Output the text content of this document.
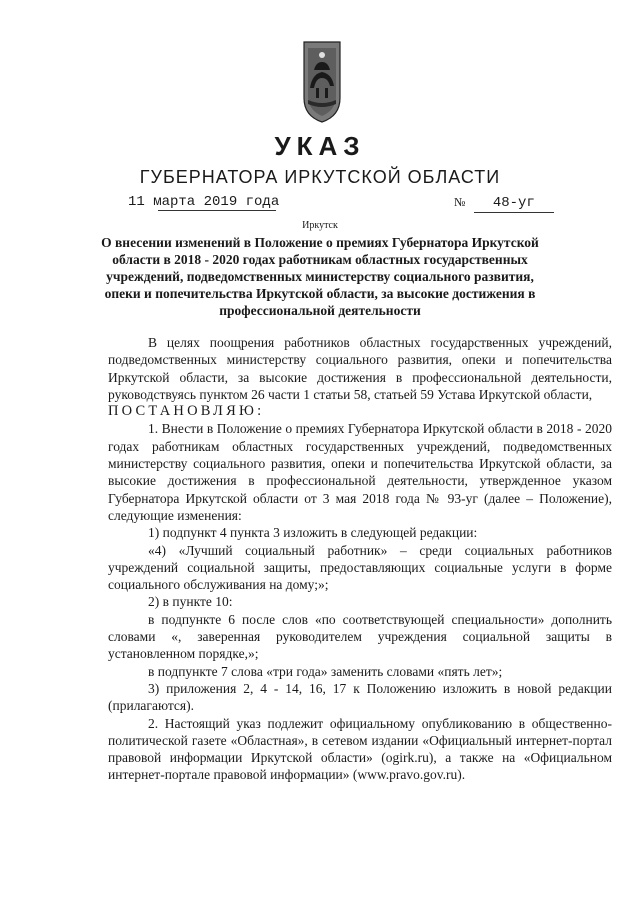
УКАЗ
ГУБЕРНАТОРА ИРКУТСКОЙ ОБЛАСТИ
11 марта 2019 года	№ 48-уг
Иркутск
О внесении изменений в Положение о премиях Губернатора Иркутской области в 2018 - 2020 годах работникам областных государственных учреждений, подведомственных министерству социального развития, опеки и попечительства Иркутской области, за высокие достижения в профессиональной деятельности

В целях поощрения работников областных государственных учреждений, подведомственных министерству социального развития, опеки и попечительства Иркутской области, за высокие достижения в профессиональной деятельности, руководствуясь пунктом 26 части 1 статьи 58, статьей 59 Устава Иркутской области,

ПОСТАНОВЛЯЮ:

1. Внести в Положение о премиях Губернатора Иркутской области в 2018 - 2020 годах работникам областных государственных учреждений, подведомственных министерству социального развития, опеки и попечительства Иркутской области, за высокие достижения в профессиональной деятельности, утвержденное указом Губернатора Иркутской области от 3 мая 2018 года № 93-уг (далее – Положение), следующие изменения:

1) подпункт 4 пункта 3 изложить в следующей редакции:

«4) «Лучший социальный работник» – среди социальных работников учреждений социальной защиты, предоставляющих социальные услуги в форме социального обслуживания на дому;»;

2) в пункте 10:

в подпункте 6 после слов «по соответствующей специальности» дополнить словами «, заверенная руководителем учреждения социальной защиты в установленном порядке,»;

в подпункте 7 слова «три года» заменить словами «пять лет»;

3) приложения 2, 4 - 14, 16, 17 к Положению изложить в новой редакции (прилагаются).

2. Настоящий указ подлежит официальному опубликованию в общественно-политической газете «Областная», в сетевом издании «Официальный интернет-портал правовой информации Иркутской области» (ogirk.ru), а также на «Официальном интернет-портале правовой информации» (www.pravo.gov.ru).
